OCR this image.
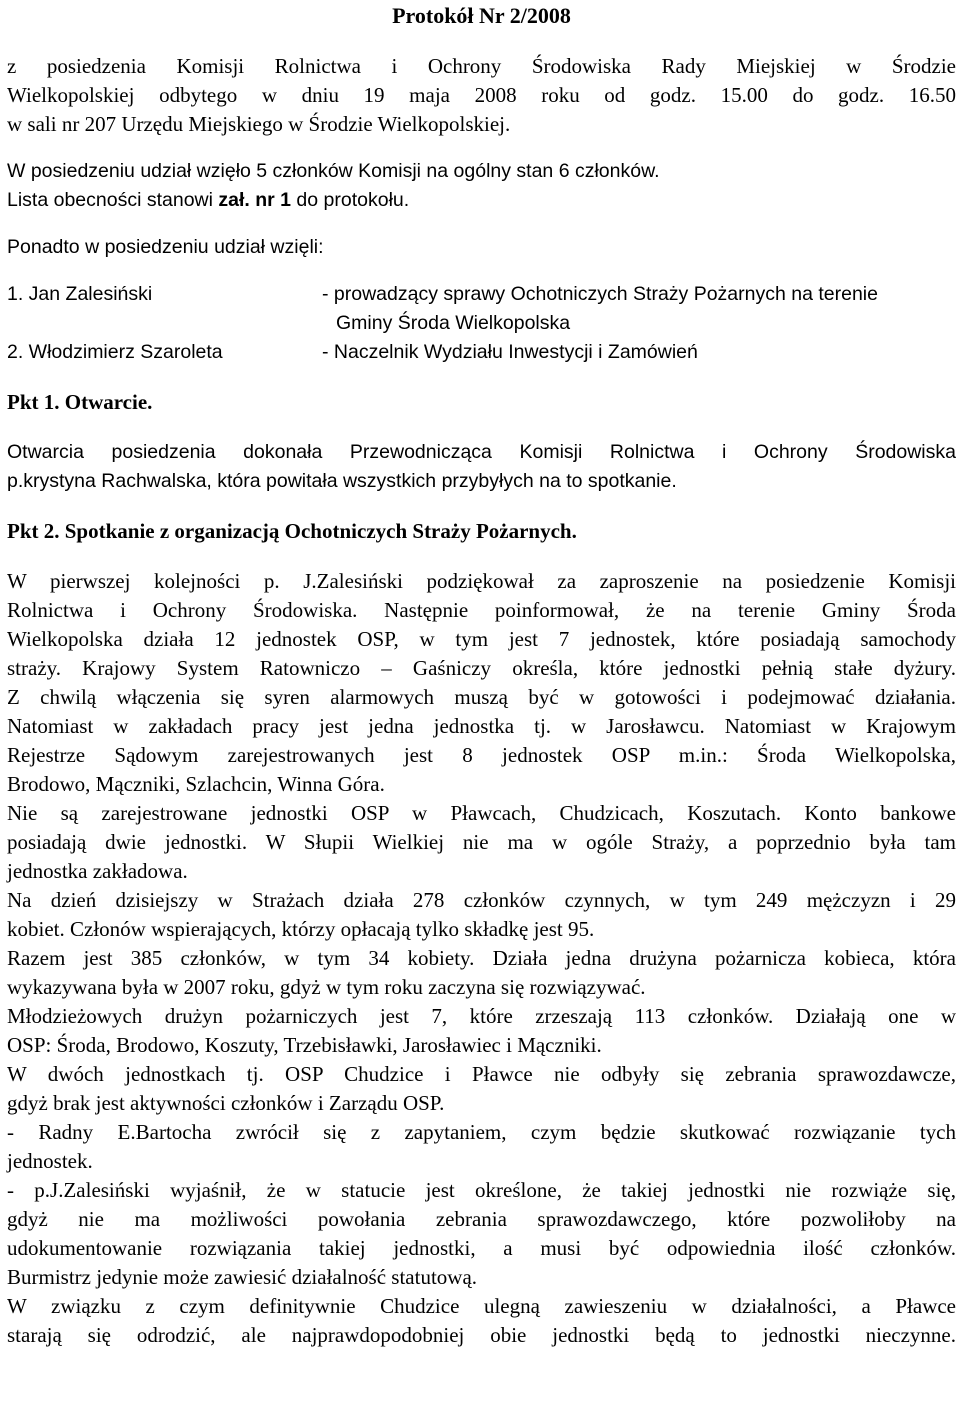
Protokół Nr 2/2008
z posiedzenia Komisji Rolnictwa i Ochrony Środowiska Rady Miejskiej w Środzie
Wielkopolskiej odbytego w dniu 19 maja 2008 roku od godz. 15.00 do godz. 16.50
w sali nr 207 Urzędu Miejskiego w Środzie Wielkopolskiej.
W posiedzeniu udział wzięło 5 członków Komisji na ogólny stan 6 członków.
Lista obecności stanowi zał. nr 1 do protokołu.
Ponadto w posiedzeniu udział wzięli:
1. Jan Zalesiński	- prowadzący sprawy Ochotniczych Straży Pożarnych na terenie
Gminy Środa Wielkopolska
2. Włodzimierz Szaroleta	- Naczelnik Wydziału Inwestycji i Zamówień
Pkt 1. Otwarcie.
Otwarcia posiedzenia dokonała Przewodnicząca Komisji Rolnictwa i Ochrony Środowiska
p.krystyna Rachwalska, która powitała wszystkich przybyłych na to spotkanie.
Pkt 2. Spotkanie z organizacją Ochotniczych Straży Pożarnych.
W pierwszej kolejności p. J.Zalesiński podziękował za zaproszenie na posiedzenie Komisji
Rolnictwa i Ochrony Środowiska. Następnie poinformował, że na terenie Gminy Środa
Wielkopolska działa 12 jednostek OSP, w tym jest 7 jednostek, które posiadają samochody
straży. Krajowy System Ratowniczo – Gaśniczy określa, które jednostki pełnią stałe dyżury.
Z chwilą włączenia się syren alarmowych muszą być w gotowości i podejmować działania.
Natomiast w zakładach pracy jest jedna jednostka tj. w Jarosławcu. Natomiast w Krajowym
Rejestrze Sądowym zarejestrowanych jest 8 jednostek OSP m.in.: Środa Wielkopolska,
Brodowo, Mączniki, Szlachcin, Winna Góra.
Nie są zarejestrowane jednostki OSP w Pławcach, Chudzicach, Koszutach. Konto bankowe
posiadają dwie jednostki. W Słupii Wielkiej nie ma w ogóle Straży, a poprzednio była tam
jednostka zakładowa.
Na dzień dzisiejszy w Strażach działa 278 członków czynnych, w tym 249 mężczyzn i 29
kobiet. Członów wspierających, którzy opłacają tylko składkę jest 95.
Razem jest 385 członków, w tym 34 kobiety. Działa jedna drużyna pożarnicza kobieca, która
wykazywana była w 2007 roku, gdyż w tym roku zaczyna się rozwiązywać.
Młodzieżowych drużyn pożarniczych jest 7, które zrzeszają 113 członków. Działają one w
OSP: Środa, Brodowo, Koszuty, Trzebisławki, Jarosławiec i Mączniki.
W dwóch jednostkach tj. OSP Chudzice i Pławce nie odbyły się zebrania sprawozdawcze,
gdyż brak jest aktywności członków i Zarządu OSP.
- Radny E.Bartocha zwrócił się z zapytaniem, czym będzie skutkować rozwiązanie tych
jednostek.
- p.J.Zalesiński wyjaśnił, że w statucie jest określone, że takiej jednostki nie rozwiąże się,
gdyż nie ma możliwości powołania zebrania sprawozdawczego, które pozwoliłoby na
udokumentowanie rozwiązania takiej jednostki, a musi być odpowiednia ilość członków.
Burmistrz jedynie może zawiesić działalność statutową.
W związku z czym definitywnie Chudzice ulegną zawieszeniu w działalności, a Pławce
starają się odrodzić, ale najprawdopodobniej obie jednostki będą to jednostki nieczynne.
